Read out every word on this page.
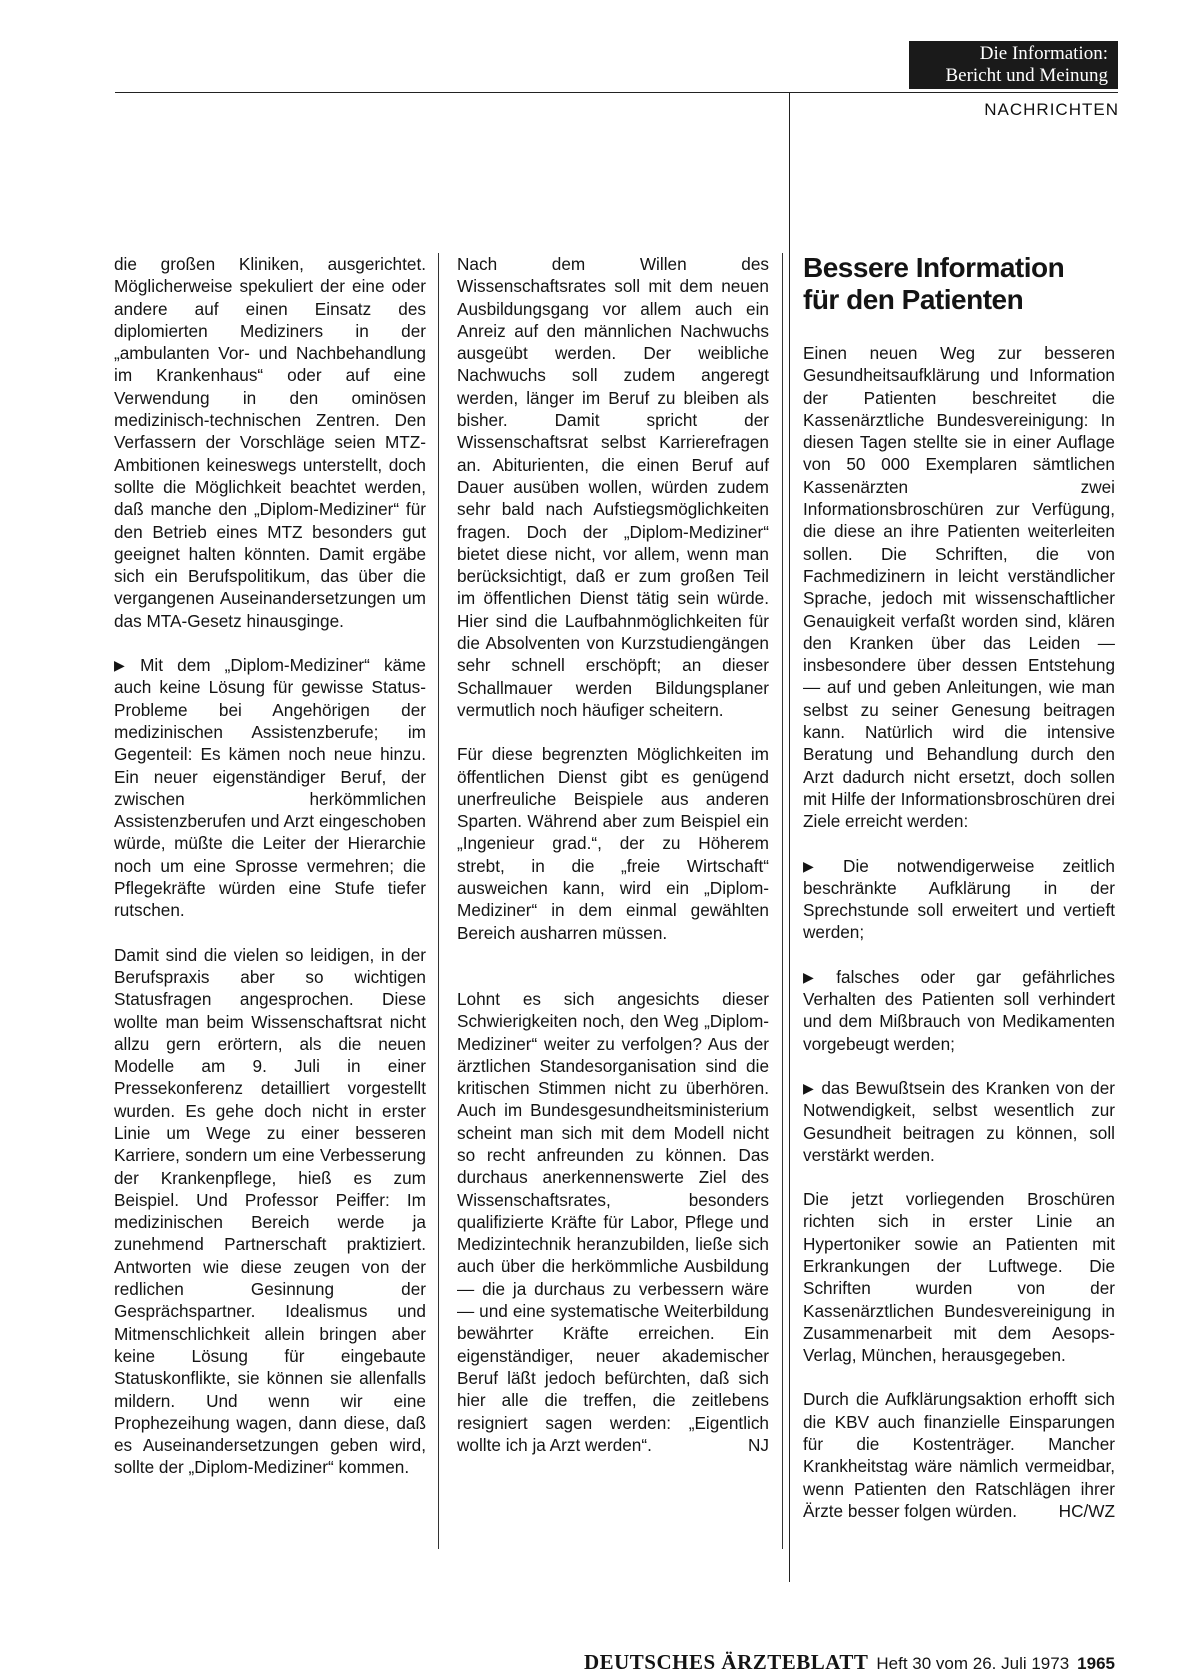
Die Information:
Bericht und Meinung
NACHRICHTEN

die großen Kliniken, ausgerichtet. Möglicherweise spekuliert der eine oder andere auf einen Einsatz des diplomierten Mediziners in der „ambulanten Vor- und Nachbehandlung im Krankenhaus“ oder auf eine Verwendung in den ominösen medizinisch-technischen Zentren. Den Verfassern der Vorschläge seien MTZ-Ambitionen keineswegs unterstellt, doch sollte die Möglichkeit beachtet werden, daß manche den „Diplom-Mediziner“ für den Betrieb eines MTZ besonders gut geeignet halten könnten. Damit ergäbe sich ein Berufspolitikum, das über die vergangenen Auseinandersetzungen um das MTA-Gesetz hinausginge.

▶ Mit dem „Diplom-Mediziner“ käme auch keine Lösung für gewisse Status-Probleme bei Angehörigen der medizinischen Assistenzberufe; im Gegenteil: Es kämen noch neue hinzu. Ein neuer eigenständiger Beruf, der zwischen herkömmlichen Assistenzberufen und Arzt eingeschoben würde, müßte die Leiter der Hierarchie noch um eine Sprosse vermehren; die Pflegekräfte würden eine Stufe tiefer rutschen.

Damit sind die vielen so leidigen, in der Berufspraxis aber so wichtigen Statusfragen angesprochen. Diese wollte man beim Wissenschaftsrat nicht allzu gern erörtern, als die neuen Modelle am 9. Juli in einer Pressekonferenz detailliert vorgestellt wurden. Es gehe doch nicht in erster Linie um Wege zu einer besseren Karriere, sondern um eine Verbesserung der Krankenpflege, hieß es zum Beispiel. Und Professor Peiffer: Im medizinischen Bereich werde ja zunehmend Partnerschaft praktiziert. Antworten wie diese zeugen von der redlichen Gesinnung der Gesprächspartner. Idealismus und Mitmenschlichkeit allein bringen aber keine Lösung für eingebaute Statuskonflikte, sie können sie allenfalls mildern. Und wenn wir eine Prophezeihung wagen, dann diese, daß es Auseinandersetzungen geben wird, sollte der „Diplom-Mediziner“ kommen.

Nach dem Willen des Wissenschaftsrates soll mit dem neuen Ausbildungsgang vor allem auch ein Anreiz auf den männlichen Nachwuchs ausgeübt werden. Der weibliche Nachwuchs soll zudem angeregt werden, länger im Beruf zu bleiben als bisher. Damit spricht der Wissenschaftsrat selbst Karrierefragen an. Abiturienten, die einen Beruf auf Dauer ausüben wollen, würden zudem sehr bald nach Aufstiegsmöglichkeiten fragen. Doch der „Diplom-Mediziner“ bietet diese nicht, vor allem, wenn man berücksichtigt, daß er zum großen Teil im öffentlichen Dienst tätig sein würde. Hier sind die Laufbahnmöglichkeiten für die Absolventen von Kurzstudiengängen sehr schnell erschöpft; an dieser Schallmauer werden Bildungsplaner vermutlich noch häufiger scheitern.

Für diese begrenzten Möglichkeiten im öffentlichen Dienst gibt es genügend unerfreuliche Beispiele aus anderen Sparten. Während aber zum Beispiel ein „Ingenieur grad.“, der zu Höherem strebt, in die „freie Wirtschaft“ ausweichen kann, wird ein „Diplom-Mediziner“ in dem einmal gewählten Bereich ausharren müssen.

Lohnt es sich angesichts dieser Schwierigkeiten noch, den Weg „Diplom-Mediziner“ weiter zu verfolgen? Aus der ärztlichen Standesorganisation sind die kritischen Stimmen nicht zu überhören. Auch im Bundesgesundheitsministerium scheint man sich mit dem Modell nicht so recht anfreunden zu können. Das durchaus anerkennenswerte Ziel des Wissenschaftsrates, besonders qualifizierte Kräfte für Labor, Pflege und Medizintechnik heranzubilden, ließe sich auch über die herkömmliche Ausbildung — die ja durchaus zu verbessern wäre — und eine systematische Weiterbildung bewährter Kräfte erreichen. Ein eigenständiger, neuer akademischer Beruf läßt jedoch befürchten, daß sich hier alle die treffen, die zeitlebens resigniert sagen werden: „Eigentlich wollte ich ja Arzt werden“.	NJ

Bessere Information
für den Patienten

Einen neuen Weg zur besseren Gesundheitsaufklärung und Information der Patienten beschreitet die Kassenärztliche Bundesvereinigung: In diesen Tagen stellte sie in einer Auflage von 50 000 Exemplaren sämtlichen Kassenärzten zwei Informationsbroschüren zur Verfügung, die diese an ihre Patienten weiterleiten sollen. Die Schriften, die von Fachmedizinern in leicht verständlicher Sprache, jedoch mit wissenschaftlicher Genauigkeit verfaßt worden sind, klären den Kranken über das Leiden — insbesondere über dessen Entstehung — auf und geben Anleitungen, wie man selbst zu seiner Genesung beitragen kann. Natürlich wird die intensive Beratung und Behandlung durch den Arzt dadurch nicht ersetzt, doch sollen mit Hilfe der Informationsbroschüren drei Ziele erreicht werden:

▶ Die notwendigerweise zeitlich beschränkte Aufklärung in der Sprechstunde soll erweitert und vertieft werden;

▶ falsches oder gar gefährliches Verhalten des Patienten soll verhindert und dem Mißbrauch von Medikamenten vorgebeugt werden;

▶ das Bewußtsein des Kranken von der Notwendigkeit, selbst wesentlich zur Gesundheit beitragen zu können, soll verstärkt werden.

Die jetzt vorliegenden Broschüren richten sich in erster Linie an Hypertoniker sowie an Patienten mit Erkrankungen der Luftwege. Die Schriften wurden von der Kassenärztlichen Bundesvereinigung in Zusammenarbeit mit dem Aesops-Verlag, München, herausgegeben.

Durch die Aufklärungsaktion erhofft sich die KBV auch finanzielle Einsparungen für die Kostenträger. Mancher Krankheitstag wäre nämlich vermeidbar, wenn Patienten den Ratschlägen ihrer Ärzte besser folgen würden. HC/WZ

DEUTSCHES ÄRZTEBLATT Heft 30 vom 26. Juli 1973 1965
